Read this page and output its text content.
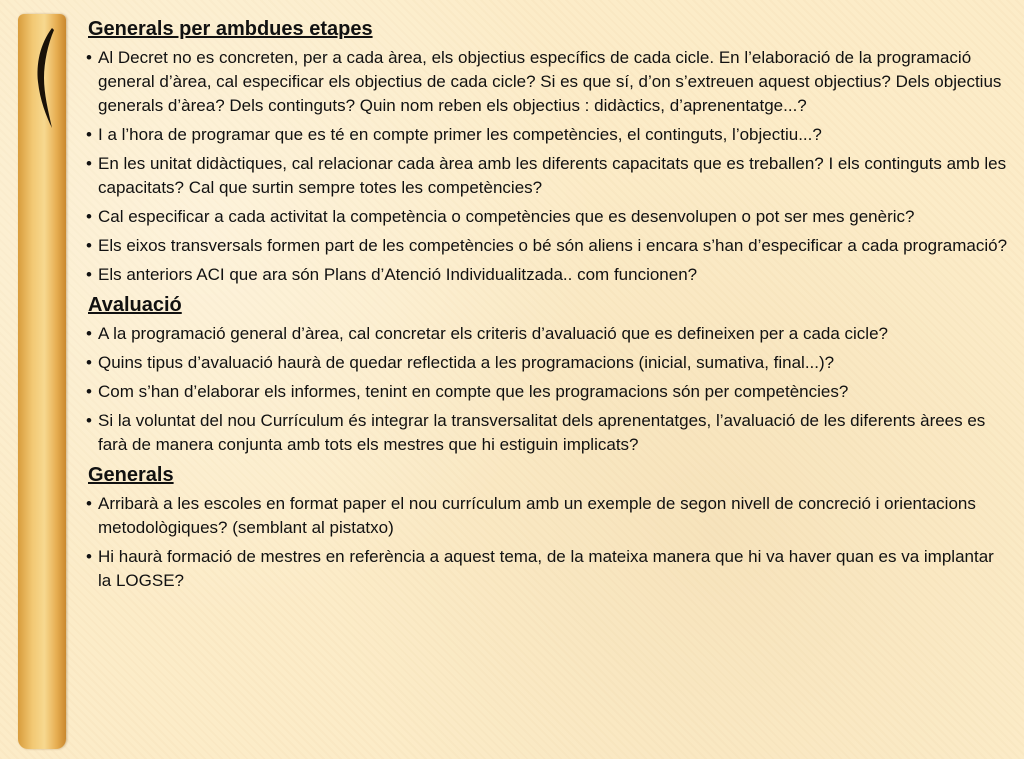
Generals per ambdues etapes
• Al Decret no es concreten, per a cada àrea, els objectius específics de cada cicle. En l’elaboració de la programació general d’àrea, cal especificar els objectius de cada cicle? Si es que sí, d’on s’extreuen aquest objectius? Dels objectius generals d’àrea? Dels continguts? Quin nom reben els objectius : didàctics, d’aprenentatge...?
• I a l’hora de programar que es té en compte primer les competències, el continguts, l’objectiu...?
• En les unitat didàctiques, cal relacionar cada àrea amb les diferents capacitats que es treballen? I els continguts amb les capacitats? Cal que surtin sempre totes les competències?
• Cal especificar a cada activitat la competència o competències que es desenvolupen o pot ser mes genèric?
• Els eixos transversals formen part de les competències o bé són aliens i encara s’han d’especificar a cada programació?
• Els anteriors ACI que ara són Plans d’Atenció Individualitzada.. com funcionen?
Avaluació
• A la programació general d’àrea, cal concretar els criteris d’avaluació que es defineixen per a cada cicle?
• Quins tipus d’avaluació haurà de quedar reflectida a les programacions (inicial, sumativa, final...)?
• Com s’han d’elaborar els informes, tenint en compte que les programacions són per competències?
• Si la voluntat del nou Currículum és integrar la transversalitat dels aprenentatges, l’avaluació de les diferents àrees es farà de manera conjunta amb tots els mestres que hi estiguin implicats?
Generals
• Arribarà a les escoles en format paper el nou currículum amb un exemple de segon nivell de concreció i orientacions metodològiques? (semblant al pistatxo)
• Hi haurà formació de mestres en referència a aquest tema, de la mateixa manera que hi va haver quan es va implantar la LOGSE?
